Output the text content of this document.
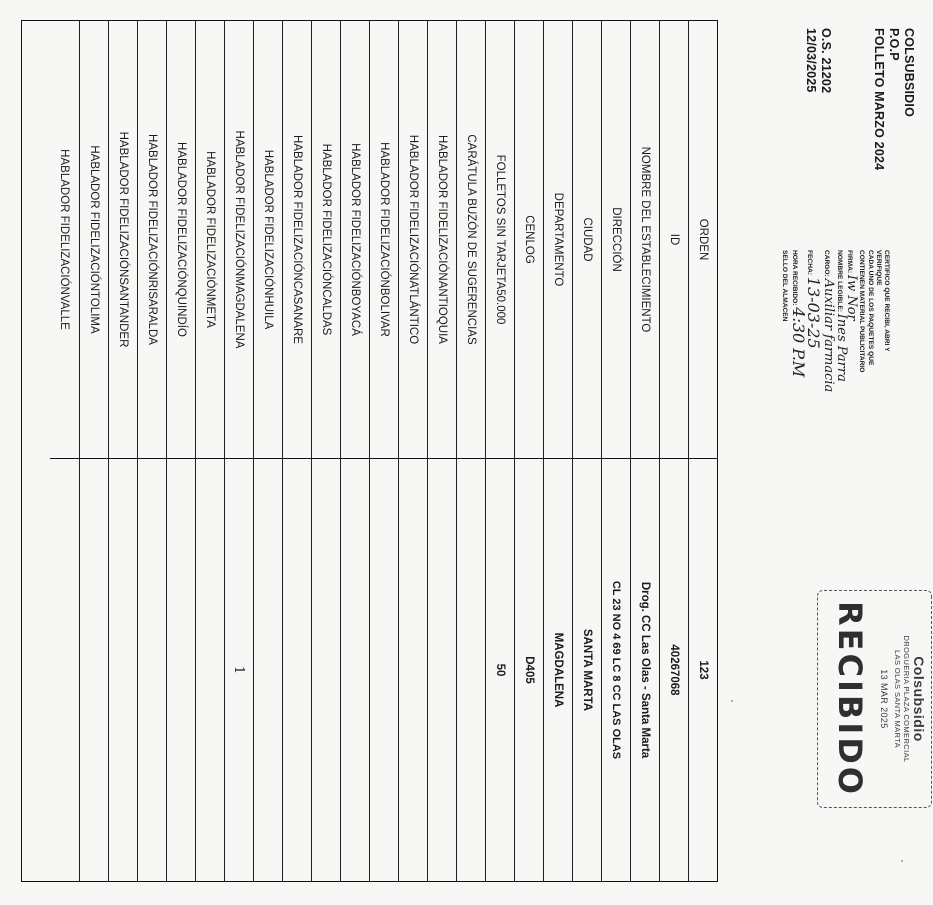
COLSUBSIDIO
P.O.P
FOLLETO MARZO 2024
O.S. 21202
12/03/2025
CERTIFICO QUE RECIBI, ABRI Y
VERIFIQUE
CADA UNO DE LOS PAQUETES QUE
CONTIENEN MATERIAL PUBLICITARIO
FIRMA: Iw Nor
NOMBRE LEGIBLE: Ines Parra
CARGO: Auxiliar farmacia
FECHA: 13-03-25
HORA RECIBIDO: 4:30 P.M
SELLO DEL ALMACEN
Colsubsidio
DROGUERIA PLAZA COMERCIAL
LAS OLAS SANTA MARTA
13 MAR 2025
RECIBIDO
ORDEN
123
ID
40267068
NOMBRE DEL ESTABLECIMIENTO
Drog. CC Las Olas - Santa Marta
DIRECCIÓN
CL 23 NO 4 69 LC 8 CC LAS OLAS
CIUDAD
SANTA MARTA
DEPARTAMENTO
MAGDALENA
CENLOG
D405
FOLLETOS SIN TARJETA50.000
50
CARÁTULA BUZÓN DE SUGERENCIAS
HABLADOR FIDELIZACIÓNANTIOQUIA
HABLADOR FIDELIZACIÓNATLÁNTICO
HABLADOR FIDELIZACIÓNBOLIVAR
HABLADOR FIDELIZACIÓNBOYACÁ
HABLADOR FIDELIZACIÓNCALDAS
HABLADOR FIDELIZACIÓNCASANARE
HABLADOR FIDELIZACIÓNHUILA
HABLADOR FIDELIZACIÓNMAGDALENA
1
HABLADOR FIDELIZACIÓNMETA
HABLADOR FIDELIZACIÓNQUINDÍO
HABLADOR FIDELIZACIÓNRISARALDA
HABLADOR FIDELIZACIÓNSANTANDER
HABLADOR FIDELIZACIÓNTOLIMA
HABLADOR FIDELIZACIÓNVALLE
